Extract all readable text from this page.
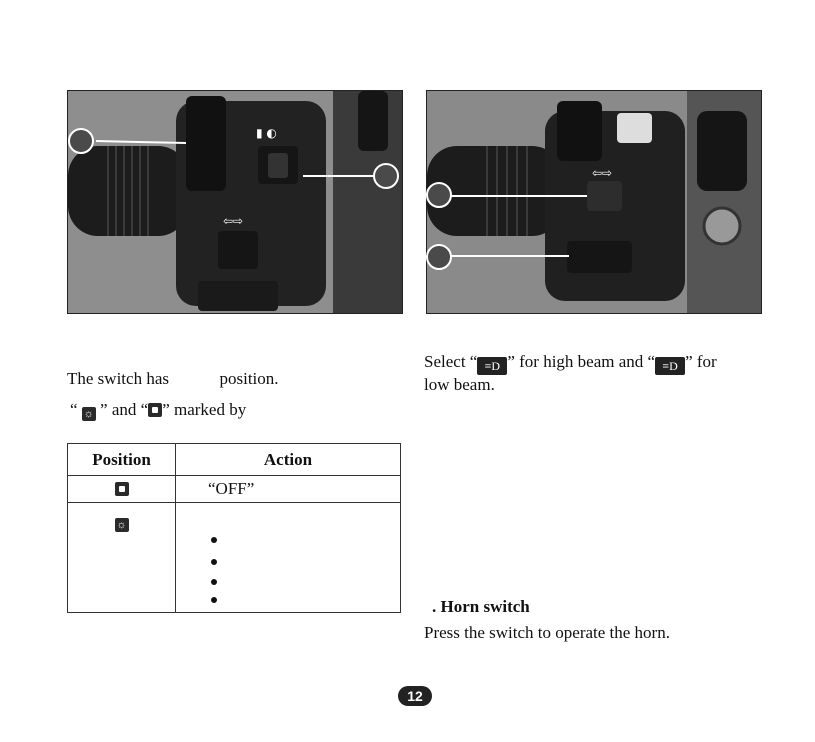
▮ ◐
⇦⇨
⇦⇨
The switch has	position.
“ ☼ ” and “ ” marked by
Position	Action
	“OFF”
☼	
Select “ ≡D ” for high beam and “ ≡D ” for
low beam.
. Horn switch
Press the switch to operate the horn.
12
